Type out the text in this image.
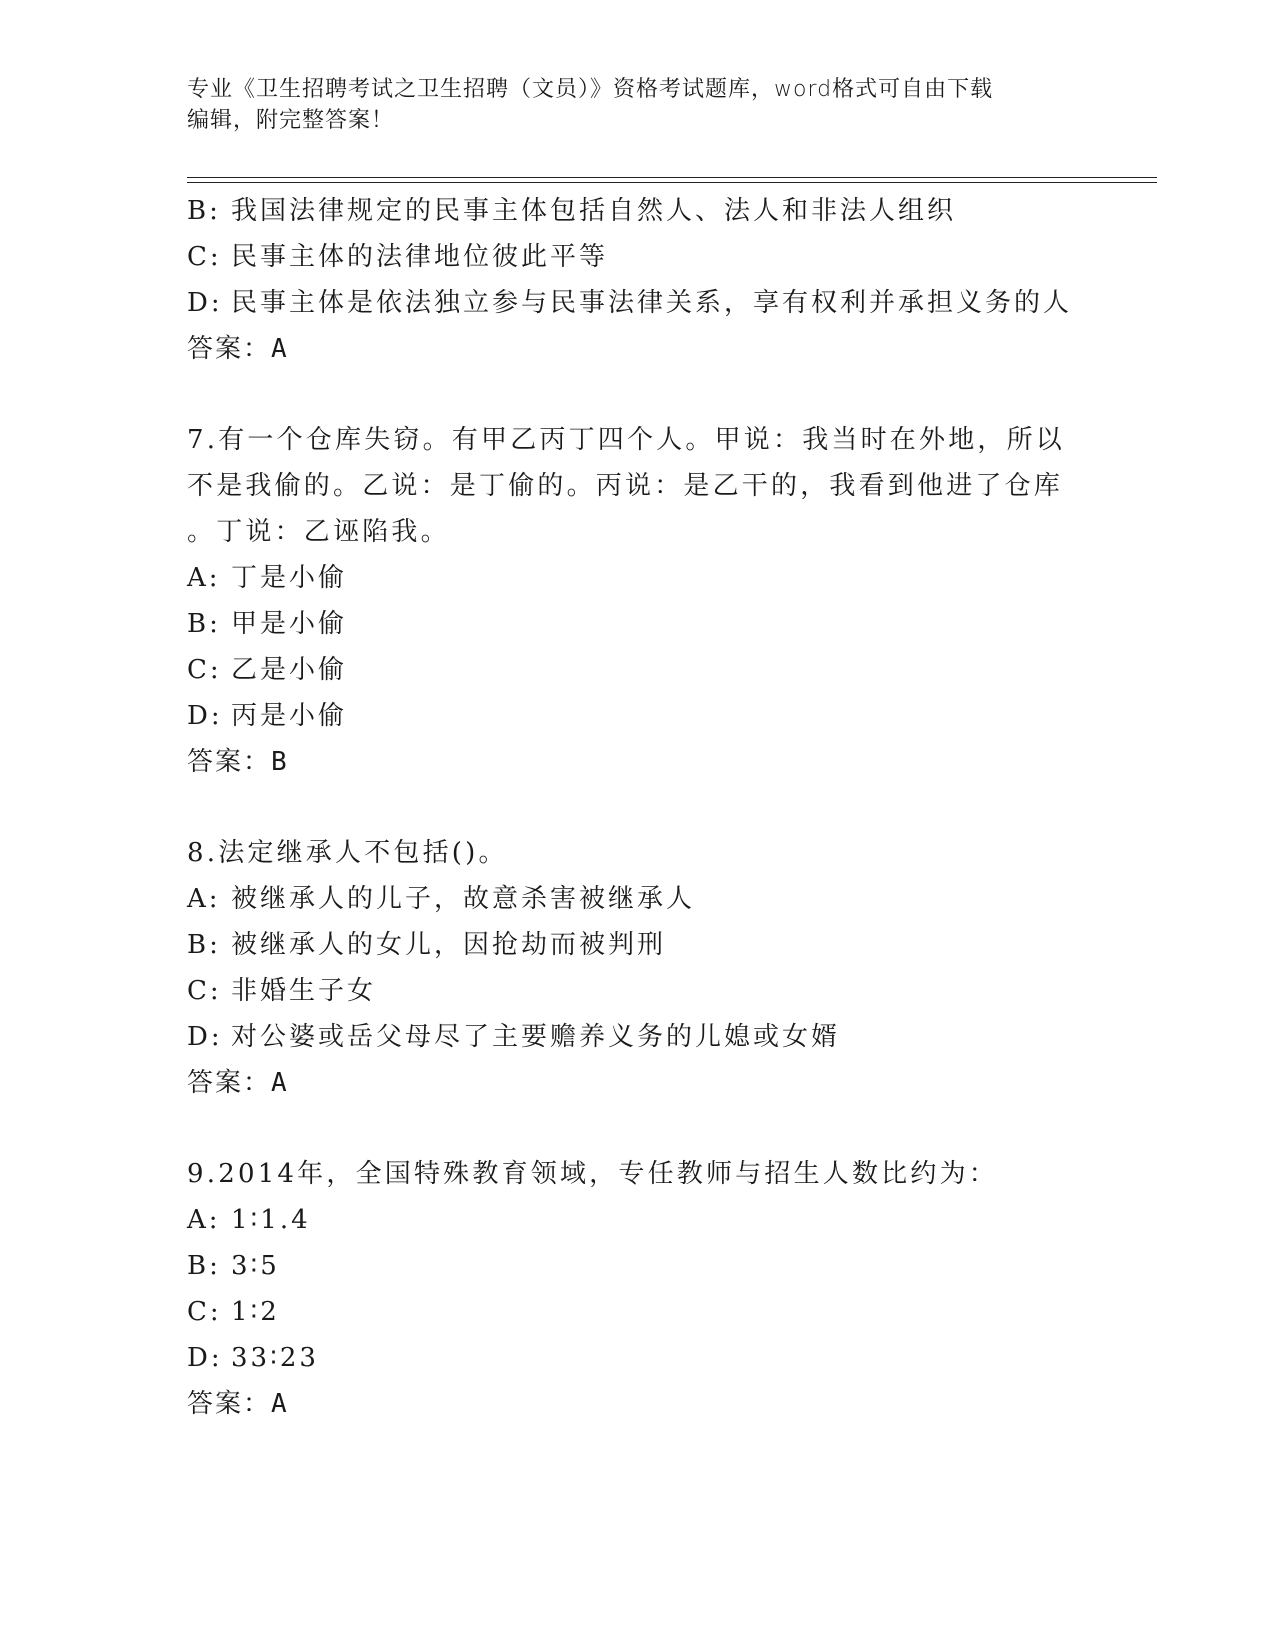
专业《卫生招聘考试之卫生招聘（文员）》资格考试题库，word格式可自由下载
编辑，附完整答案！
B: 我国法律规定的民事主体包括自然人、法人和非法人组织
C: 民事主体的法律地位彼此平等
D: 民事主体是依法独立参与民事法律关系，享有权利并承担义务的人
答案：A
7.有一个仓库失窃。有甲乙丙丁四个人。甲说：我当时在外地，所以
不是我偷的。乙说：是丁偷的。丙说：是乙干的，我看到他进了仓库
。丁说：乙诬陷我。
A: 丁是小偷
B: 甲是小偷
C: 乙是小偷
D: 丙是小偷
答案：B
8.法定继承人不包括()。
A: 被继承人的儿子，故意杀害被继承人
B: 被继承人的女儿，因抢劫而被判刑
C: 非婚生子女
D: 对公婆或岳父母尽了主要赡养义务的儿媳或女婿
答案：A
9.2014年，全国特殊教育领域，专任教师与招生人数比约为：
A: 1∶1.4
B: 3∶5
C: 1∶2
D: 33∶23
答案：A
